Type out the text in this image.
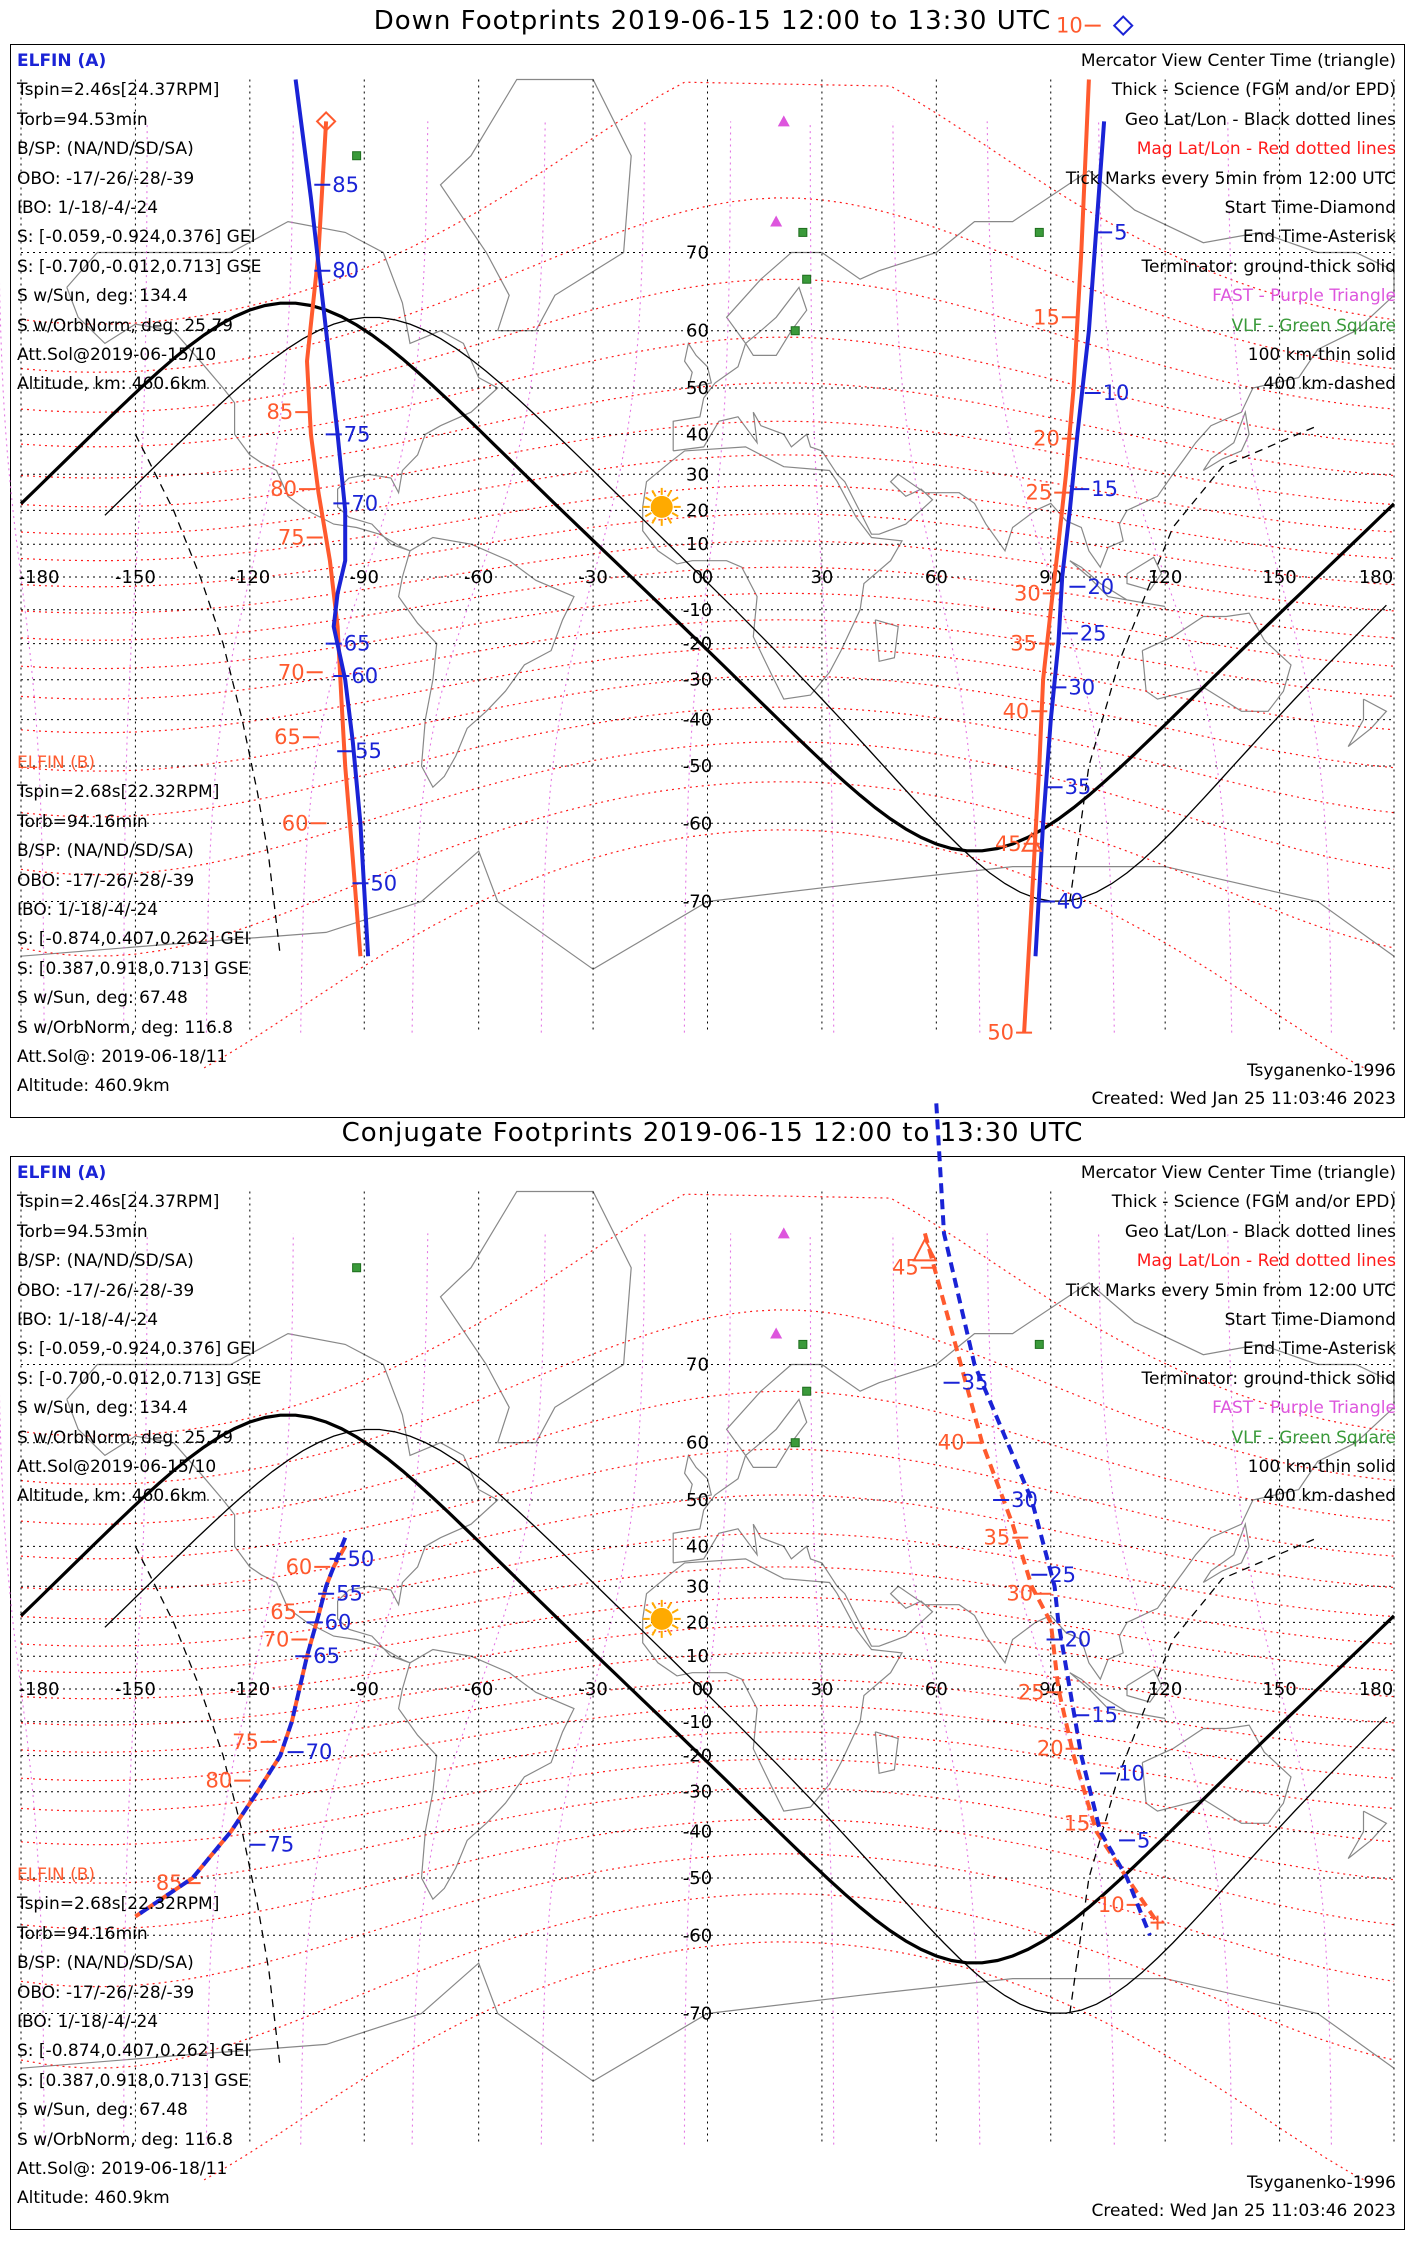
Down Footprints 2019-06-15 12:00 to 13:30 UTC
-180	-150	-120	-90	-60	-30	0	30	60	90	120	150	180
70
60
50
40
30
20
10
0
-10
-20
-30
-40
-50
-60
-70
85
80
75
70
65
60
85
80
75
70
65
60
55
50
10
15
20
25
30
35
40
45
50
5
10
15
20
25
30
35
40
ELFIN (A)
Tspin=2.46s[24.37RPM]
Torb=94.53min
B/SP: (NA/ND/SD/SA)
OBO: -17/-26/-28/-39
IBO: 1/-18/-4/-24
S: [-0.059,-0.924,0.376] GEI
S: [-0.700,-0.012,0.713] GSE
S w/Sun, deg: 134.4
S w/OrbNorm, deg: 25.79
Att.Sol@2019-06-15/10
Altitude, km: 460.6km
ELFIN (B)
Tspin=2.68s[22.32RPM]
Torb=94.16min
B/SP: (NA/ND/SD/SA)
OBO: -17/-26/-28/-39
IBO: 1/-18/-4/-24
S: [-0.874,0.407,0.262] GEI
S: [0.387,0.918,0.713] GSE
S w/Sun, deg: 67.48
S w/OrbNorm, deg: 116.8
Att.Sol@: 2019-06-18/11
Altitude: 460.9km
Mercator View Center Time (triangle)
Thick - Science (FGM and/or EPD)
Geo Lat/Lon - Black dotted lines
Mag Lat/Lon - Red dotted lines
Tick Marks every 5min from 12:00 UTC
Start Time-Diamond
End Time-Asterisk
Terminator: ground-thick solid
FAST - Purple Triangle
VLF - Green Square
100 km-thin solid
400 km-dashed
Tsyganenko-1996
Created: Wed Jan 25 11:03:46 2023
Conjugate Footprints 2019-06-15 12:00 to 13:30 UTC
-180	-150	-120	-90	-60	-30	0	30	60	90	120	150	180
70
60
50
40
30
20
10
0
-10
-20
-30
-40
-50
-60
-70
60
65
70
75
80
85
50
55
60
65
70
75
45
40
35
30
25
20
15
10
35
30
25
20
15
10
5
ELFIN (A)
Tspin=2.46s[24.37RPM]
Torb=94.53min
B/SP: (NA/ND/SD/SA)
OBO: -17/-26/-28/-39
IBO: 1/-18/-4/-24
S: [-0.059,-0.924,0.376] GEI
S: [-0.700,-0.012,0.713] GSE
S w/Sun, deg: 134.4
S w/OrbNorm, deg: 25.79
Att.Sol@2019-06-15/10
Altitude, km: 460.6km
ELFIN (B)
Tspin=2.68s[22.32RPM]
Torb=94.16min
B/SP: (NA/ND/SD/SA)
OBO: -17/-26/-28/-39
IBO: 1/-18/-4/-24
S: [-0.874,0.407,0.262] GEI
S: [0.387,0.918,0.713] GSE
S w/Sun, deg: 67.48
S w/OrbNorm, deg: 116.8
Att.Sol@: 2019-06-18/11
Altitude: 460.9km
Mercator View Center Time (triangle)
Thick - Science (FGM and/or EPD)
Geo Lat/Lon - Black dotted lines
Mag Lat/Lon - Red dotted lines
Tick Marks every 5min from 12:00 UTC
Start Time-Diamond
End Time-Asterisk
Terminator: ground-thick solid
FAST - Purple Triangle
VLF - Green Square
100 km-thin solid
400 km-dashed
Tsyganenko-1996
Created: Wed Jan 25 11:03:46 2023
